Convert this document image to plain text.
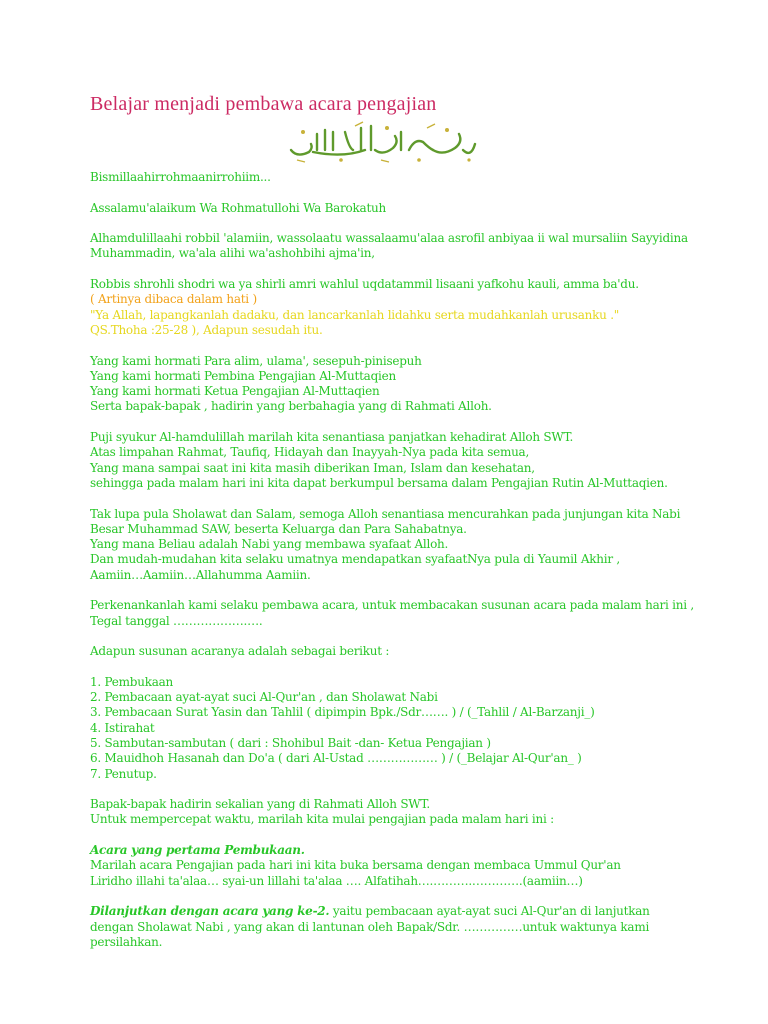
Belajar menjadi pembawa acara pengajian

Bismillaahirrohmaanirrohiim...

Assalamu'alaikum Wa Rohmatullohi Wa Barokatuh

Alhamdulillaahi robbil 'alamiin, wassolaatu wassalaamu'alaa asrofil anbiyaa ii wal mursaliin Sayyidina

Muhammadin, wa'ala alihi wa'ashohbihi ajma'in,

Robbis shrohli shodri wa ya shirli amri wahlul uqdatammil lisaani yafkohu kauli, amma ba'du.

( Artinya dibaca dalam hati )

"Ya Allah, lapangkanlah dadaku, dan lancarkanlah lidahku serta mudahkanlah urusanku ."

QS.Thoha :25-28 ), Adapun sesudah itu.

Yang kami hormati Para alim, ulama', sesepuh-pinisepuh

Yang kami hormati Pembina Pengajian Al-Muttaqien

Yang kami hormati Ketua Pengajian Al-Muttaqien

Serta bapak-bapak , hadirin yang berbahagia yang di Rahmati Alloh.

Puji syukur Al-hamdulillah marilah kita senantiasa panjatkan kehadirat Alloh SWT.

Atas limpahan Rahmat, Taufiq, Hidayah dan Inayyah-Nya pada kita semua,

Yang mana sampai saat ini kita masih diberikan Iman, Islam dan kesehatan,

sehingga pada malam hari ini kita dapat berkumpul bersama dalam Pengajian Rutin Al-Muttaqien.

Tak lupa pula Sholawat dan Salam, semoga Alloh senantiasa mencurahkan pada junjungan kita Nabi

Besar Muhammad SAW, beserta Keluarga dan Para Sahabatnya.

Yang mana Beliau adalah Nabi yang membawa syafaat Alloh.

Dan mudah-mudahan kita selaku umatnya mendapatkan syafaatNya pula di Yaumil Akhir ,

Aamiin…Aamiin…Allahumma Aamiin.

Perkenankanlah kami selaku pembawa acara, untuk membacakan susunan acara pada malam hari ini ,

Tegal tanggal ……………….….

Adapun susunan acaranya adalah sebagai berikut :

1. Pembukaan

2. Pembacaan ayat-ayat suci Al-Qur'an , dan Sholawat Nabi

3. Pembacaan Surat Yasin dan Tahlil ( dipimpin Bpk./Sdr……. ) / (_Tahlil / Al-Barzanji_)

4. Istirahat

5. Sambutan-sambutan ( dari : Shohibul Bait -dan- Ketua Pengajian )

6. Mauidhoh Hasanah dan Do'a ( dari Al-Ustad ……………… ) / (_Belajar Al-Qur'an_ )

7. Penutup.

Bapak-bapak hadirin sekalian yang di Rahmati Alloh SWT.

Untuk mempercepat waktu, marilah kita mulai pengajian pada malam hari ini :

Acara yang pertama Pembukaan.

Marilah acara Pengajian pada hari ini kita buka bersama dengan membaca Ummul Qur'an

Liridho illahi ta'alaa… syai-un lillahi ta'alaa …. Alfatihah….……….………….(aamiin…)

Dilanjutkan dengan acara yang ke-2. yaitu pembacaan ayat-ayat suci Al-Qur'an di lanjutkan

dengan Sholawat Nabi , yang akan di lantunan oleh Bapak/Sdr. ……………untuk waktunya kami

persilahkan.
